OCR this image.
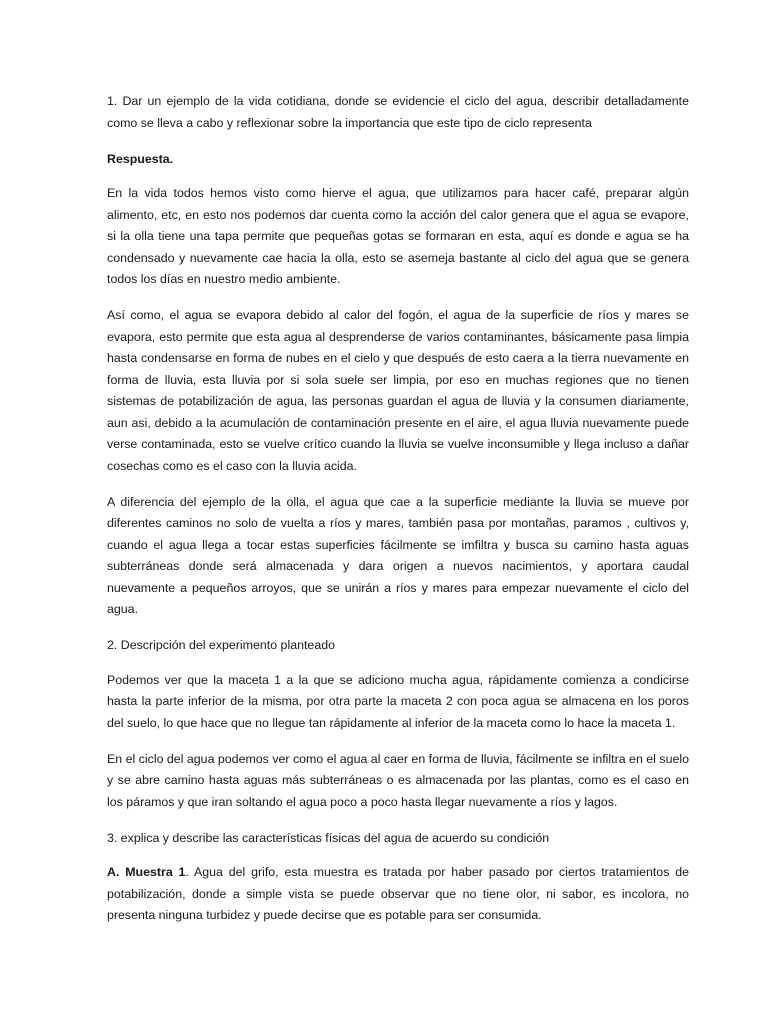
1. Dar un ejemplo de la vida cotidiana, donde se evidencie el ciclo del agua, describir detalladamente como se lleva a cabo y reflexionar sobre la importancia que este tipo de ciclo representa

Respuesta.

En la vida todos hemos visto como hierve el agua, que utilizamos para hacer café, preparar algún alimento, etc, en esto nos podemos dar cuenta como la acción del calor genera que el agua se evapore, si la olla tiene una tapa permite que pequeñas gotas se formaran en esta, aquí es donde e agua se ha condensado y nuevamente cae hacia la olla, esto se asemeja bastante al ciclo del agua que se genera todos los días en nuestro medio ambiente.

Así como, el agua se evapora debido al calor del fogón, el agua de la superficie de ríos y mares se evapora, esto permite que esta agua al desprenderse de varios contaminantes, básicamente pasa limpia hasta condensarse en forma de nubes en el cielo y que después de esto caera a la tierra nuevamente en forma de lluvia, esta lluvia por si sola suele ser limpia, por eso en muchas regiones que no tienen sistemas de potabilización de agua, las personas guardan el agua de lluvia y la consumen diariamente, aun asi, debido a la acumulación de contaminación presente en el aire, el agua lluvia nuevamente puede verse contaminada, esto se vuelve crítico cuando la lluvia se vuelve inconsumible y llega incluso a dañar cosechas como es el caso con la lluvia acida.

A diferencia del ejemplo de la olla, el agua que cae a la superficie mediante la lluvia se mueve por diferentes caminos no solo de vuelta a ríos y mares, también pasa por montañas, paramos , cultivos y, cuando el agua llega a tocar estas superficies fácilmente se imfiltra y busca su camino hasta aguas subterráneas donde será almacenada y dara origen a nuevos nacimientos, y aportara caudal nuevamente a pequeños arroyos, que se unirán a ríos y mares para empezar nuevamente el ciclo del agua.

2. Descripción del experimento planteado

Podemos ver que la maceta 1 a la que se adiciono mucha agua, rápidamente comienza a condicirse hasta la parte inferior de la misma, por otra parte la maceta 2 con poca agua se almacena en los poros del suelo, lo que hace que no llegue tan rápidamente al inferior de la maceta como lo hace la maceta 1.

En el ciclo del agua podemos ver como el agua al caer en forma de lluvia, fácilmente se infiltra en el suelo y se abre camino hasta aguas más subterráneas o es almacenada por las plantas, como es el caso en los páramos y que iran soltando el agua poco a poco hasta llegar nuevamente a ríos y lagos.

3. explica y describe las características físicas del agua de acuerdo su condición

A. Muestra 1. Agua del grifo, esta muestra es tratada por haber pasado por ciertos tratamientos de potabilización, donde a simple vista se puede observar que no tiene olor, ni sabor, es incolora, no presenta ninguna turbidez y puede decirse que es potable para ser consumida.
